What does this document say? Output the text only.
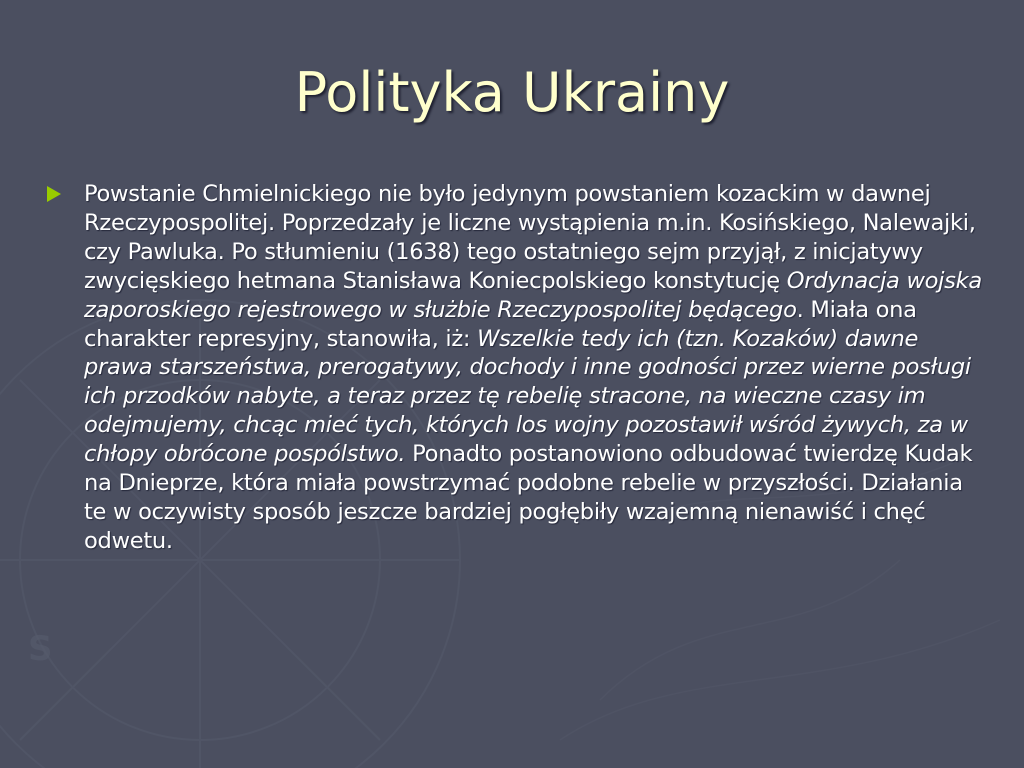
S
Polityka Ukrainy
Powstanie Chmielnickiego nie było jedynym powstaniem kozackim w dawnej Rzeczypospolitej. Poprzedzały je liczne wystąpienia m.in. Kosińskiego, Nalewajki, czy Pawluka. Po stłumieniu (1638) tego ostatniego sejm przyjął, z inicjatywy zwycięskiego hetmana Stanisława Koniecpolskiego konstytucję Ordynacja wojska zaporoskiego rejestrowego w służbie Rzeczypospolitej będącego. Miała ona charakter represyjny, stanowiła, iż: Wszelkie tedy ich (tzn. Kozaków) dawne prawa starszeństwa, prerogatywy, dochody i inne godności przez wierne posługi ich przodków nabyte, a teraz przez tę rebelię stracone, na wieczne czasy im odejmujemy, chcąc mieć tych, których los wojny pozostawił wśród żywych, za w chłopy obrócone pospólstwo. Ponadto postanowiono odbudować twierdzę Kudak na Dnieprze, która miała powstrzymać podobne rebelie w przyszłości. Działania te w oczywisty sposób jeszcze bardziej pogłębiły wzajemną nienawiść i chęć odwetu.
